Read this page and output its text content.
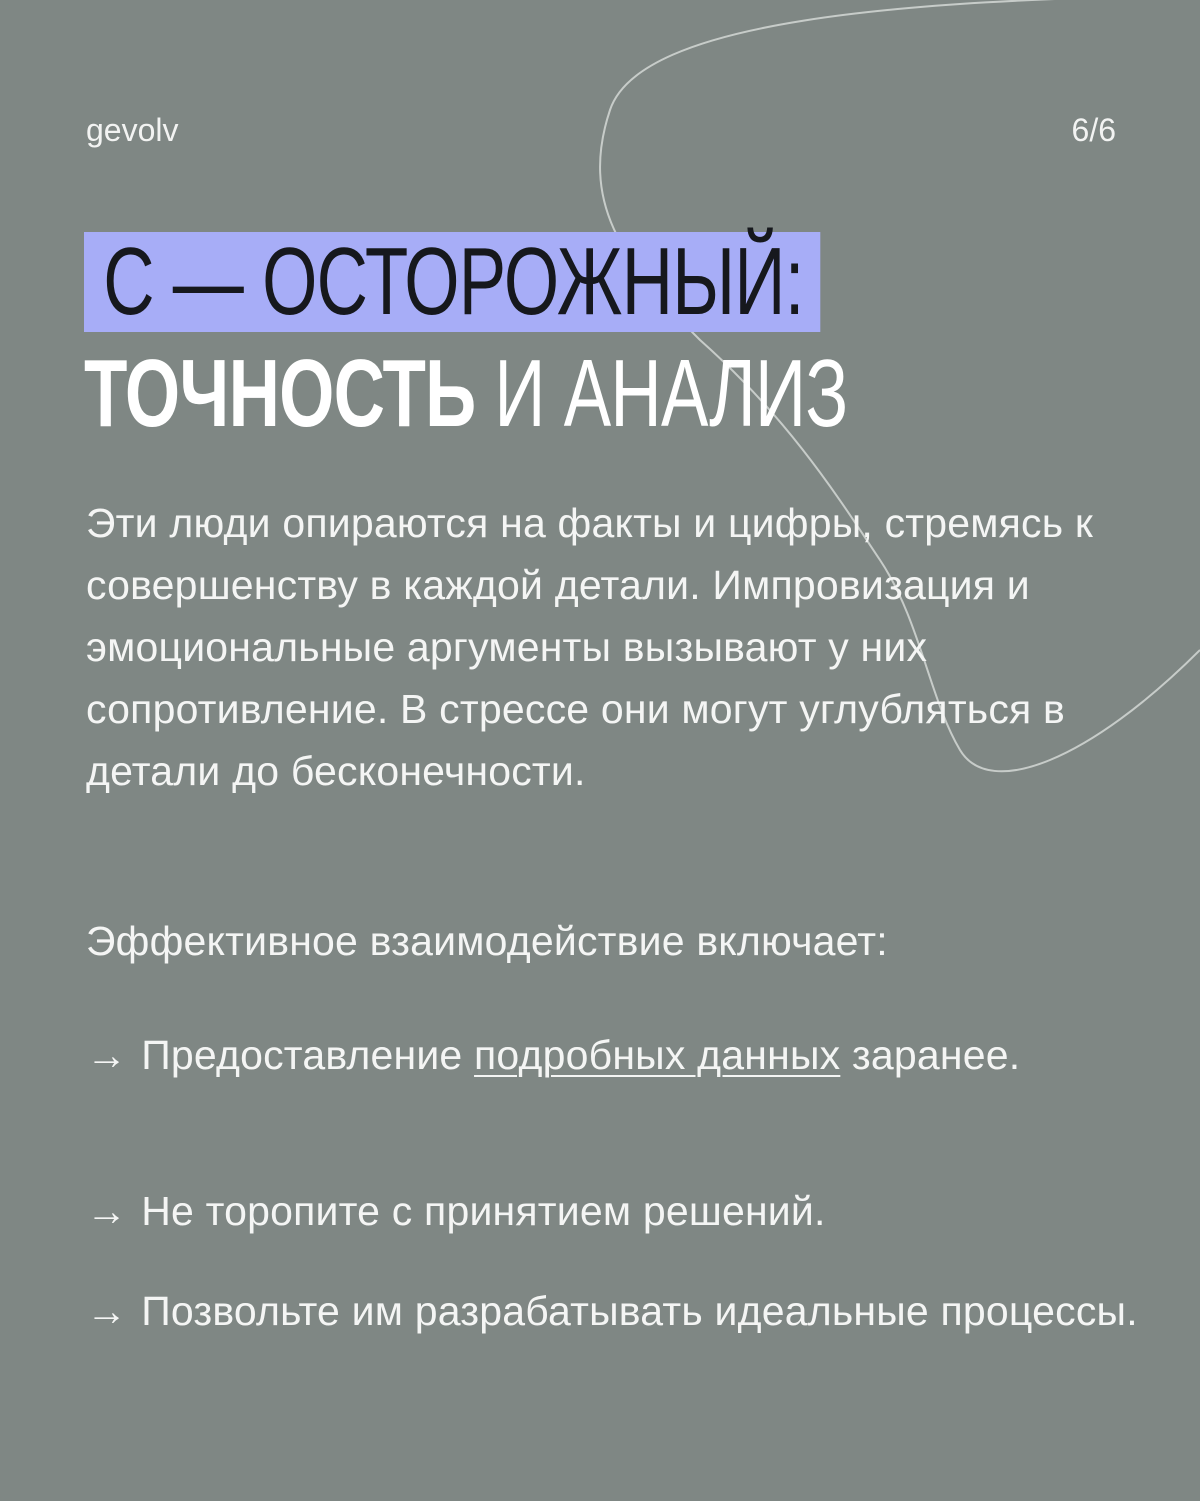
gevolv	6/6
С — ОСТОРОЖНЫЙ:
ТОЧНОСТЬ И АНАЛИЗ
Эти люди опираются на факты и цифры, стремясь к совершенству в каждой детали. Импровизация и эмоциональные аргументы вызывают у них сопротивление. В стрессе они могут углубляться в детали до бесконечности.
Эффективное взаимодействие включает:
→ Предоставление подробных данных заранее.
→ Не торопите с принятием решений.
→ Позвольте им разрабатывать идеальные процессы.
